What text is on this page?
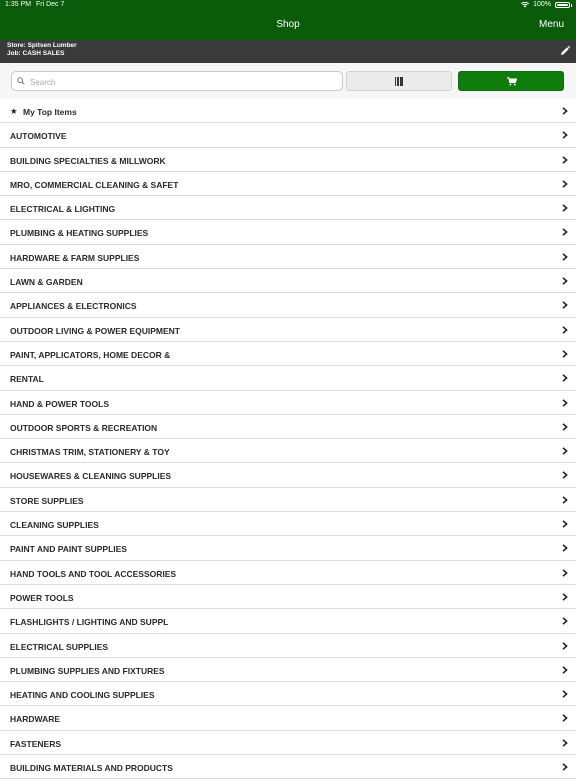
1:35 PM Fri Dec 7	100%
Shop	Menu
Store: Spitsen Lumber
Job: CASH SALES
Search
★ My Top Items
AUTOMOTIVE
BUILDING SPECIALTIES & MILLWORK
MRO, COMMERCIAL CLEANING & SAFET
ELECTRICAL & LIGHTING
PLUMBING & HEATING SUPPLIES
HARDWARE & FARM SUPPLIES
LAWN & GARDEN
APPLIANCES & ELECTRONICS
OUTDOOR LIVING & POWER EQUIPMENT
PAINT, APPLICATORS, HOME DECOR &
RENTAL
HAND & POWER TOOLS
OUTDOOR SPORTS & RECREATION
CHRISTMAS TRIM, STATIONERY & TOY
HOUSEWARES & CLEANING SUPPLIES
STORE SUPPLIES
CLEANING SUPPLIES
PAINT AND PAINT SUPPLIES
HAND TOOLS AND TOOL ACCESSORIES
POWER TOOLS
FLASHLIGHTS / LIGHTING AND SUPPL
ELECTRICAL SUPPLIES
PLUMBING SUPPLIES AND FIXTURES
HEATING AND COOLING SUPPLIES
HARDWARE
FASTENERS
BUILDING MATERIALS AND PRODUCTS
